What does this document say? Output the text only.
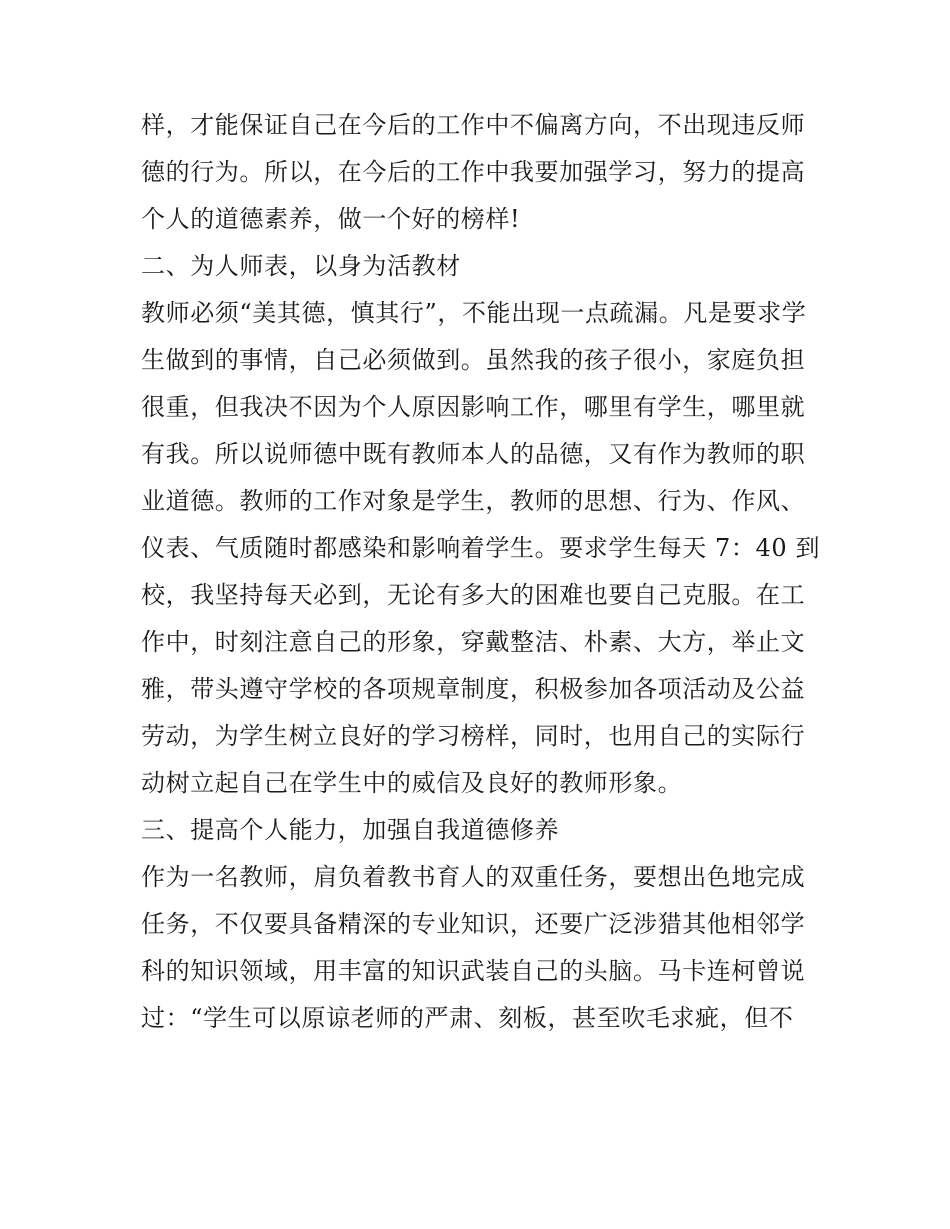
样，才能保证自己在今后的工作中不偏离方向，不出现违反师
德的行为。所以，在今后的工作中我要加强学习，努力的提高
个人的道德素养，做一个好的榜样!
二、为人师表，以身为活教材
教师必须“美其德，慎其行”，不能出现一点疏漏。凡是要求学
生做到的事情，自己必须做到。虽然我的孩子很小，家庭负担
很重，但我决不因为个人原因影响工作，哪里有学生，哪里就
有我。所以说师德中既有教师本人的品德，又有作为教师的职
业道德。教师的工作对象是学生，教师的思想、行为、作风、
仪表、气质随时都感染和影响着学生。要求学生每天 7：40 到
校，我坚持每天必到，无论有多大的困难也要自己克服。在工
作中，时刻注意自己的形象，穿戴整洁、朴素、大方，举止文
雅，带头遵守学校的各项规章制度，积极参加各项活动及公益
劳动，为学生树立良好的学习榜样，同时，也用自己的实际行
动树立起自己在学生中的威信及良好的教师形象。
三、提高个人能力，加强自我道德修养
作为一名教师，肩负着教书育人的双重任务，要想出色地完成
任务，不仅要具备精深的专业知识，还要广泛涉猎其他相邻学
科的知识领域，用丰富的知识武装自己的头脑。马卡连柯曾说
过：“学生可以原谅老师的严肃、刻板，甚至吹毛求疵，但不
